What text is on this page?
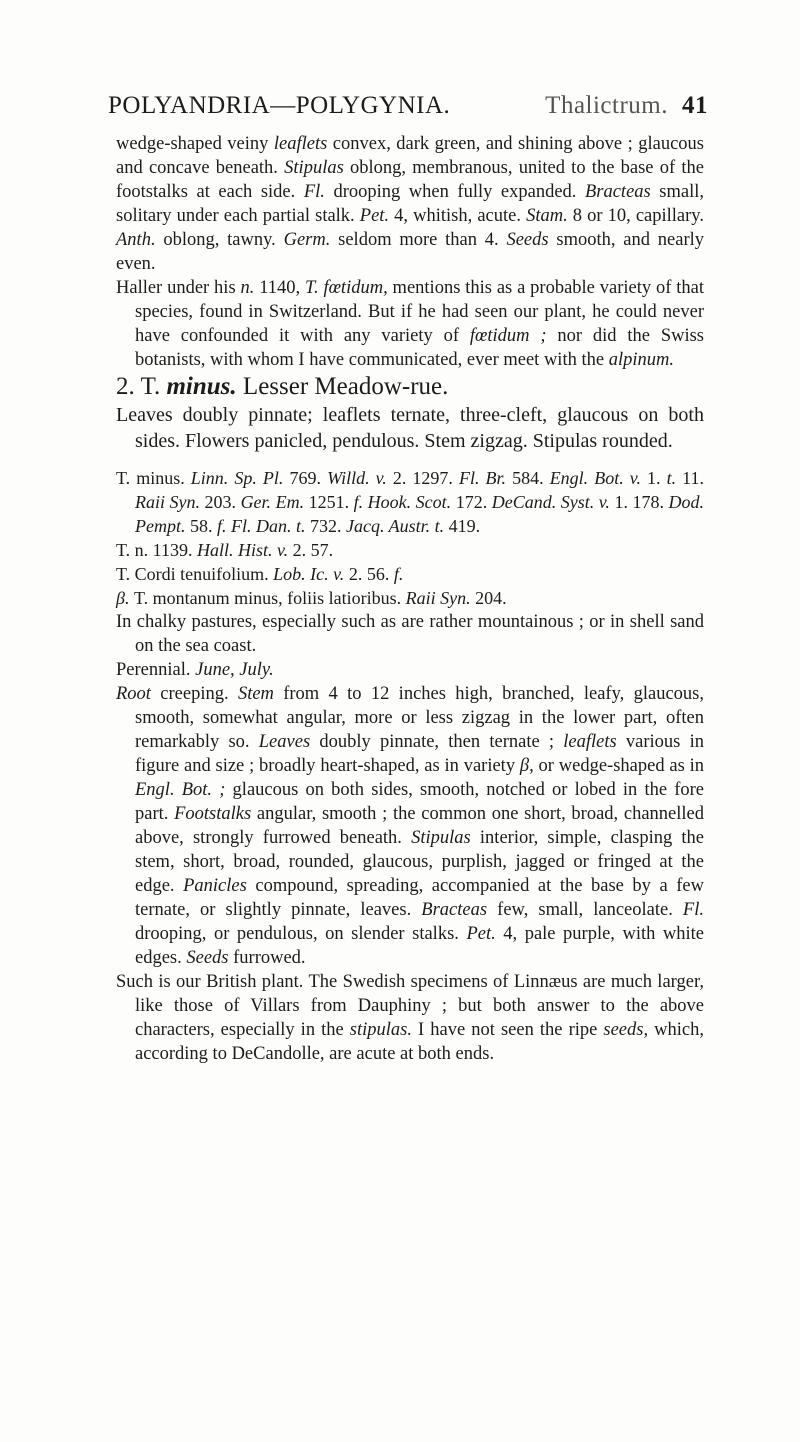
POLYANDRIA—POLYGYNIA.	Thalictrum. 41

wedge-shaped veiny leaflets convex, dark green, and shining above ; glaucous and concave beneath. Stipulas oblong, membranous, united to the base of the footstalks at each side. Fl. drooping when fully expanded. Bracteas small, solitary under each partial stalk. Pet. 4, whitish, acute. Stam. 8 or 10, capillary. Anth. oblong, tawny. Germ. seldom more than 4. Seeds smooth, and nearly even.

Haller under his n. 1140, T. fœtidum, mentions this as a probable variety of that species, found in Switzerland. But if he had seen our plant, he could never have confounded it with any variety of fœtidum ; nor did the Swiss botanists, with whom I have communicated, ever meet with the alpinum.

2. T. minus. Lesser Meadow-rue.

Leaves doubly pinnate; leaflets ternate, three-cleft, glaucous on both sides. Flowers panicled, pendulous. Stem zigzag. Stipulas rounded.

T. minus. Linn. Sp. Pl. 769. Willd. v. 2. 1297. Fl. Br. 584. Engl. Bot. v. 1. t. 11. Raii Syn. 203. Ger. Em. 1251. f. Hook. Scot. 172. DeCand. Syst. v. 1. 178. Dod. Pempt. 58. f. Fl. Dan. t. 732. Jacq. Austr. t. 419.

T. n. 1139. Hall. Hist. v. 2. 57.

T. Cordi tenuifolium. Lob. Ic. v. 2. 56. f.

β. T. montanum minus, foliis latioribus. Raii Syn. 204.

In chalky pastures, especially such as are rather mountainous ; or in shell sand on the sea coast.

Perennial. June, July.

Root creeping. Stem from 4 to 12 inches high, branched, leafy, glaucous, smooth, somewhat angular, more or less zigzag in the lower part, often remarkably so. Leaves doubly pinnate, then ternate ; leaflets various in figure and size ; broadly heart-shaped, as in variety β, or wedge-shaped as in Engl. Bot. ; glaucous on both sides, smooth, notched or lobed in the fore part. Footstalks angular, smooth ; the common one short, broad, channelled above, strongly furrowed beneath. Stipulas interior, simple, clasping the stem, short, broad, rounded, glaucous, purplish, jagged or fringed at the edge. Panicles compound, spreading, accompanied at the base by a few ternate, or slightly pinnate, leaves. Bracteas few, small, lanceolate. Fl. drooping, or pendulous, on slender stalks. Pet. 4, pale purple, with white edges. Seeds furrowed.

Such is our British plant. The Swedish specimens of Linnæus are much larger, like those of Villars from Dauphiny ; but both answer to the above characters, especially in the stipulas. I have not seen the ripe seeds, which, according to DeCandolle, are acute at both ends.
